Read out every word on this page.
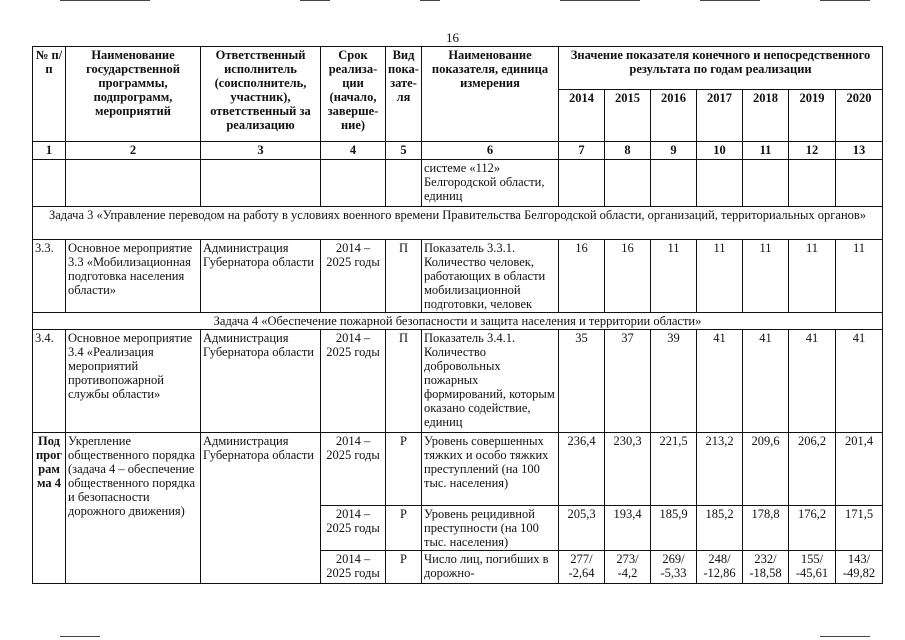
16
№ п/п	Наименование государственной программы, подпрограмм, мероприятий	Ответственный исполнитель (соисполнитель, участник), ответственный за реализацию	Срок реализа-ции (начало, заверше-ние)	Вид пока-зате-ля	Наименование показателя, единица измерения	Значение показателя конечного и непосредственного результата по годам реализации						
						2014	2015	2016	2017	2018	2019	2020
1	2	3	4	5	6	7	8	9	10	11	12	13
					системе «112» Белгородской области, единиц							
Задача 3 «Управление переводом на работу в условиях военного времени Правительства Белгородской области, организаций, территориальных органов»												
3.3.	Основное мероприятие 3.3 «Мобилизационная подготовка населения области»	Администрация Губернатора области	2014 – 2025 годы	П	Показатель 3.3.1. Количество человек, работающих в области мобилизационной подготовки, человек	16	16	11	11	11	11	11
Задача 4 «Обеспечение пожарной безопасности и защита населения и территории области»												
3.4.	Основное мероприятие 3.4 «Реализация мероприятий противопожарной службы области»	Администрация Губернатора области	2014 – 2025 годы	П	Показатель 3.4.1. Количество добровольных пожарных формирований, которым оказано содействие, единиц	35	37	39	41	41	41	41
Под прог рам ма 4	Укрепление общественного порядка (задача 4 – обеспечение общественного порядка и безопасности дорожного движения)	Администрация Губернатора области	2014 – 2025 годы	Р	Уровень совершенных тяжких и особо тяжких преступлений (на 100 тыс. населения)	236,4	230,3	221,5	213,2	209,6	206,2	201,4
			2014 – 2025 годы	Р	Уровень рецидивной преступности (на 100 тыс. населения)	205,3	193,4	185,9	185,2	178,8	176,2	171,5
			2014 – 2025 годы	Р	Число лиц, погибших в дорожно-	277/ -2,64	273/ -4,2	269/ -5,33	248/ -12,86	232/ -18,58	155/ -45,61	143/ -49,82
